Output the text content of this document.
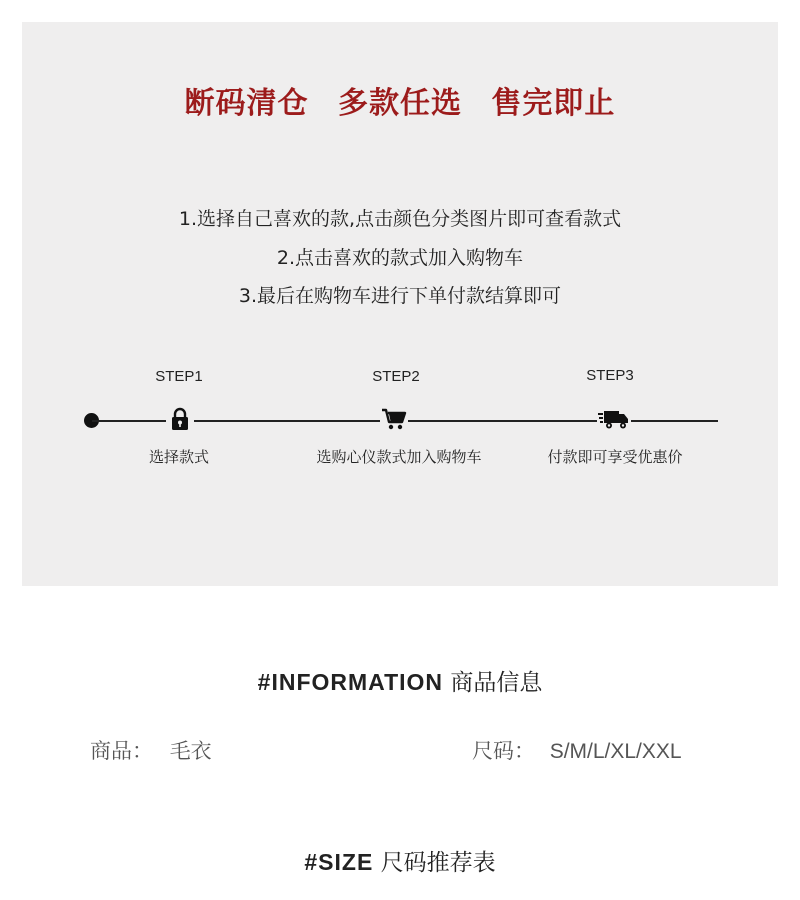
断码清仓 多款任选 售完即止
1.选择自己喜欢的款,点击颜色分类图片即可查看款式
2.点击喜欢的款式加入购物车
3.最后在购物车进行下单付款结算即可
STEP1	STEP2	STEP3
选择款式	选购心仪款式加入购物车	付款即可享受优惠价
#INFORMATION 商品信息
商品： 毛衣	尺码： S/M/L/XL/XXL
#SIZE 尺码推荐表
